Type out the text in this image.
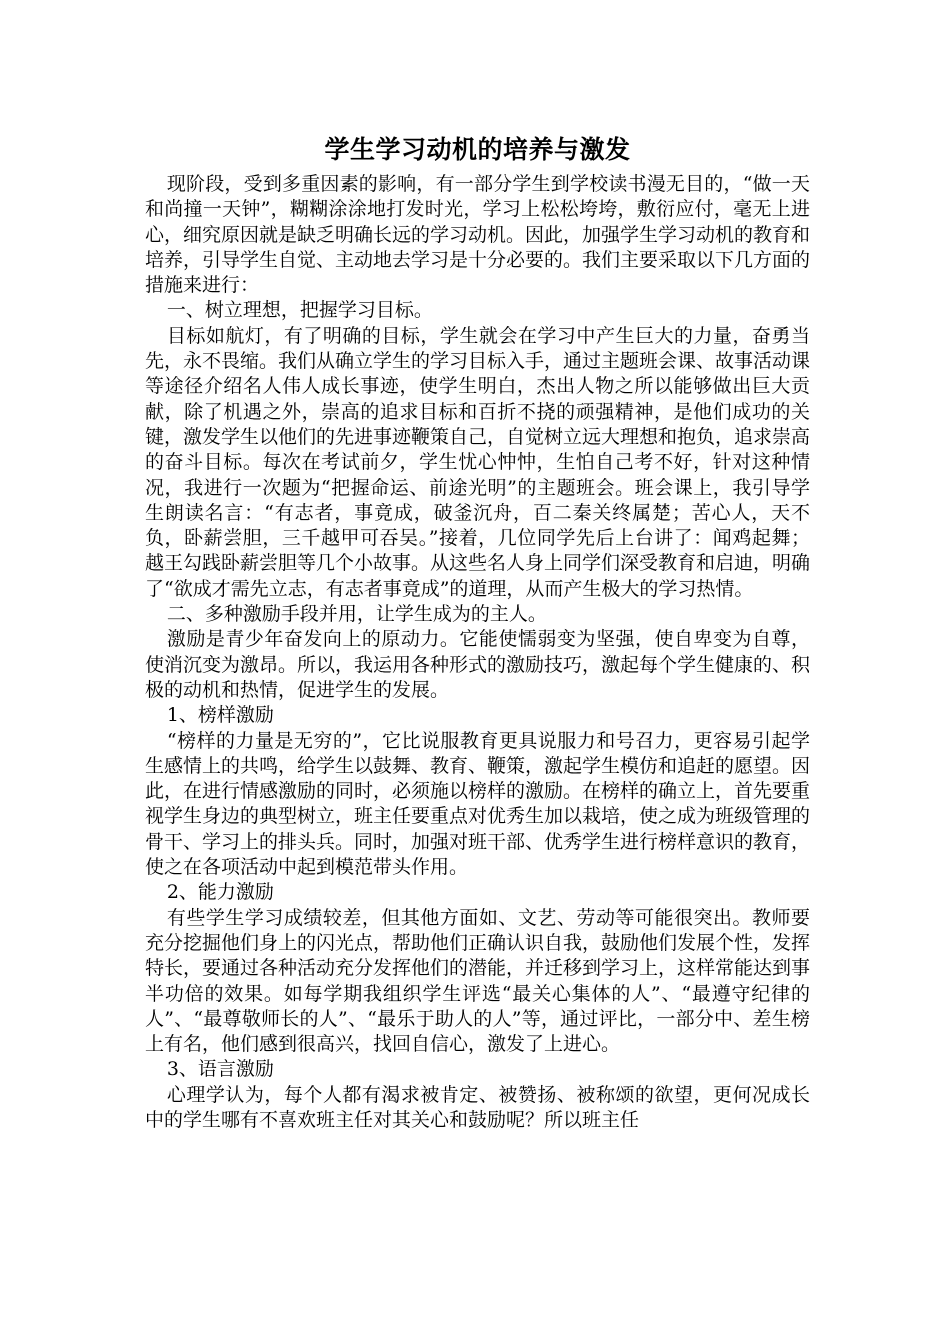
学生学习动机的培养与激发

现阶段，受到多重因素的影响，有一部分学生到学校读书漫无目的，“做一天和尚撞一天钟”，糊糊涂涂地打发时光，学习上松松垮垮，敷衍应付，毫无上进心，细究原因就是缺乏明确长远的学习动机。因此，加强学生学习动机的教育和培养，引导学生自觉、主动地去学习是十分必要的。我们主要采取以下几方面的措施来进行：

一、树立理想，把握学习目标。

目标如航灯，有了明确的目标，学生就会在学习中产生巨大的力量，奋勇当先，永不畏缩。我们从确立学生的学习目标入手，通过主题班会课、故事活动课等途径介绍名人伟人成长事迹，使学生明白，杰出人物之所以能够做出巨大贡献，除了机遇之外，崇高的追求目标和百折不挠的顽强精神，是他们成功的关键，激发学生以他们的先进事迹鞭策自己，自觉树立远大理想和抱负，追求崇高的奋斗目标。每次在考试前夕，学生忧心忡忡，生怕自己考不好，针对这种情况，我进行一次题为“把握命运、前途光明”的主题班会。班会课上，我引导学生朗读名言：“有志者，事竟成，破釜沉舟，百二秦关终属楚；苦心人，天不负，卧薪尝胆，三千越甲可吞吴。”接着，几位同学先后上台讲了：闻鸡起舞；越王勾践卧薪尝胆等几个小故事。从这些名人身上同学们深受教育和启迪，明确了“欲成才需先立志，有志者事竟成”的道理，从而产生极大的学习热情。

二、多种激励手段并用，让学生成为的主人。

激励是青少年奋发向上的原动力。它能使懦弱变为坚强，使自卑变为自尊，使消沉变为激昂。所以，我运用各种形式的激励技巧，激起每个学生健康的、积极的动机和热情，促进学生的发展。

1、榜样激励

“榜样的力量是无穷的”，它比说服教育更具说服力和号召力，更容易引起学生感情上的共鸣，给学生以鼓舞、教育、鞭策，激起学生模仿和追赶的愿望。因此，在进行情感激励的同时，必须施以榜样的激励。在榜样的确立上，首先要重视学生身边的典型树立，班主任要重点对优秀生加以栽培，使之成为班级管理的骨干、学习上的排头兵。同时，加强对班干部、优秀学生进行榜样意识的教育，使之在各项活动中起到模范带头作用。

2、能力激励

有些学生学习成绩较差，但其他方面如、文艺、劳动等可能很突出。教师要充分挖掘他们身上的闪光点，帮助他们正确认识自我，鼓励他们发展个性，发挥特长，要通过各种活动充分发挥他们的潜能，并迁移到学习上，这样常能达到事半功倍的效果。如每学期我组织学生评选“最关心集体的人”、“最遵守纪律的人”、“最尊敬师长的人”、“最乐于助人的人”等，通过评比，一部分中、差生榜上有名，他们感到很高兴，找回自信心，激发了上进心。

3、语言激励

心理学认为，每个人都有渴求被肯定、被赞扬、被称颂的欲望，更何况成长中的学生哪有不喜欢班主任对其关心和鼓励呢？所以班主任
